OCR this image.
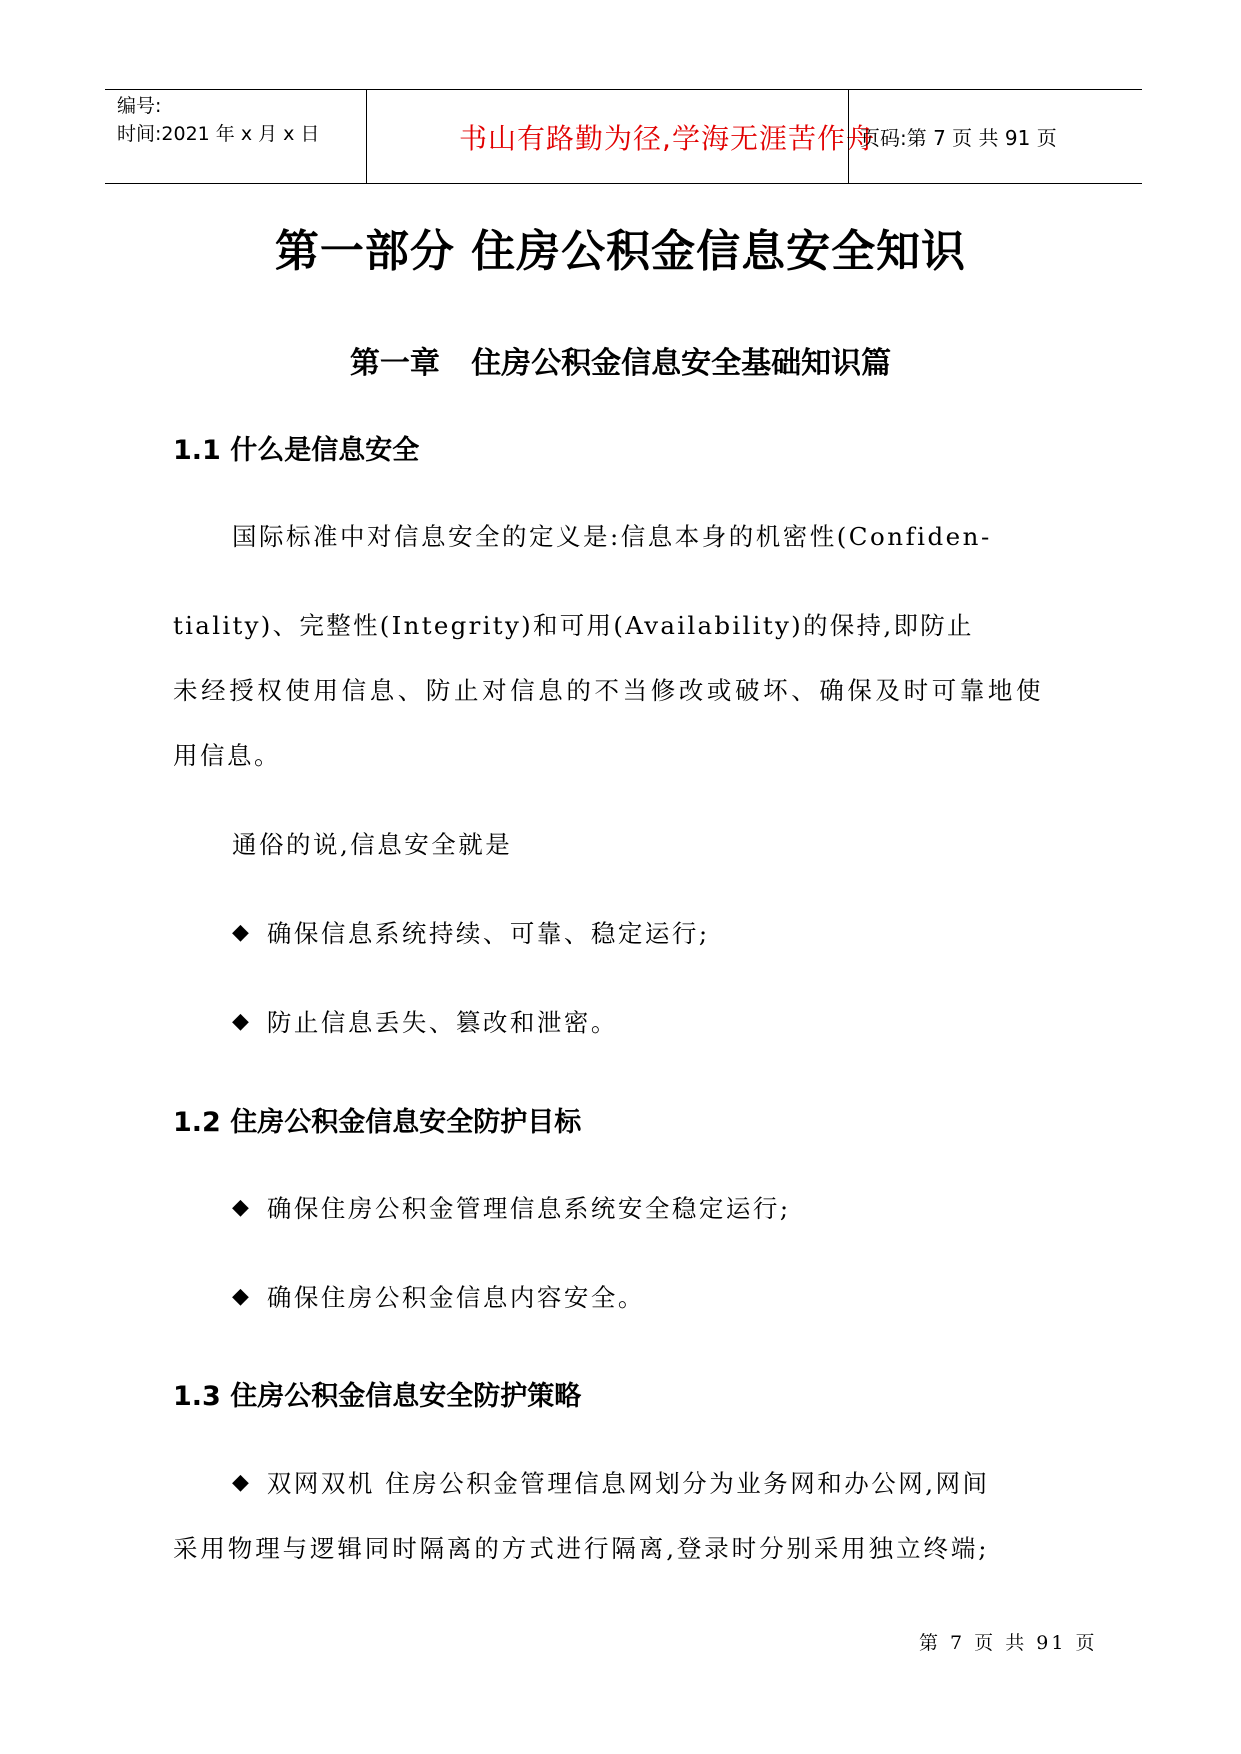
编号:
时间:2021 年 x 月 x 日	书山有路勤为径,学海无涯苦作舟
页码:第 7 页 共 91 页
第一部分 住房公积金信息安全知识
第一章   住房公积金信息安全基础知识篇
1.1 什么是信息安全
国际标准中对信息安全的定义是:信息本身的机密性(Confiden-
tiality)、完整性(Integrity)和可用(Availability)的保持,即防止
未经授权使用信息、防止对信息的不当修改或破坏、确保及时可靠地使
用信息。
通俗的说,信息安全就是
◆ 确保信息系统持续、可靠、稳定运行;
◆ 防止信息丢失、篡改和泄密。
1.2 住房公积金信息安全防护目标
◆ 确保住房公积金管理信息系统安全稳定运行;
◆ 确保住房公积金信息内容安全。
1.3 住房公积金信息安全防护策略
◆ 双网双机 住房公积金管理信息网划分为业务网和办公网,网间
采用物理与逻辑同时隔离的方式进行隔离,登录时分别采用独立终端;
第 7 页 共 91 页
